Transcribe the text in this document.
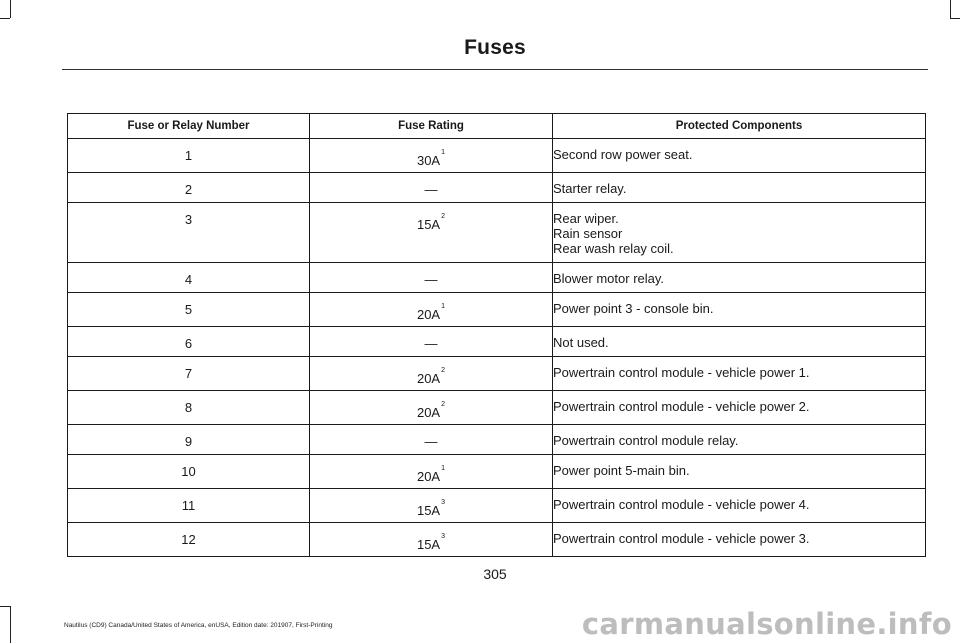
Fuses
Fuse or Relay Number	Fuse Rating	Protected Components
1	30A$^1$	Second row power seat.

2	—	Starter relay.

3	15A$^2$	Rear wiper.
Rain sensor
Rear wash relay coil.

4	—	Blower motor relay.

5	20A$^1$	Power point 3 - console bin.

6	—	Not used.

7	20A$^2$	Powertrain control module - vehicle power 1.

8	20A$^2$	Powertrain control module - vehicle power 2.

9	—	Powertrain control module relay.

10	20A$^1$	Power point 5-main bin.

11	15A$^3$	Powertrain control module - vehicle power 4.

12	15A$^3$	Powertrain control module - vehicle power 3.
305
Nautilus (CD9) Canada/United States of America, enUSA, Edition date: 201907, First-Printing	carmanualsonline.info
